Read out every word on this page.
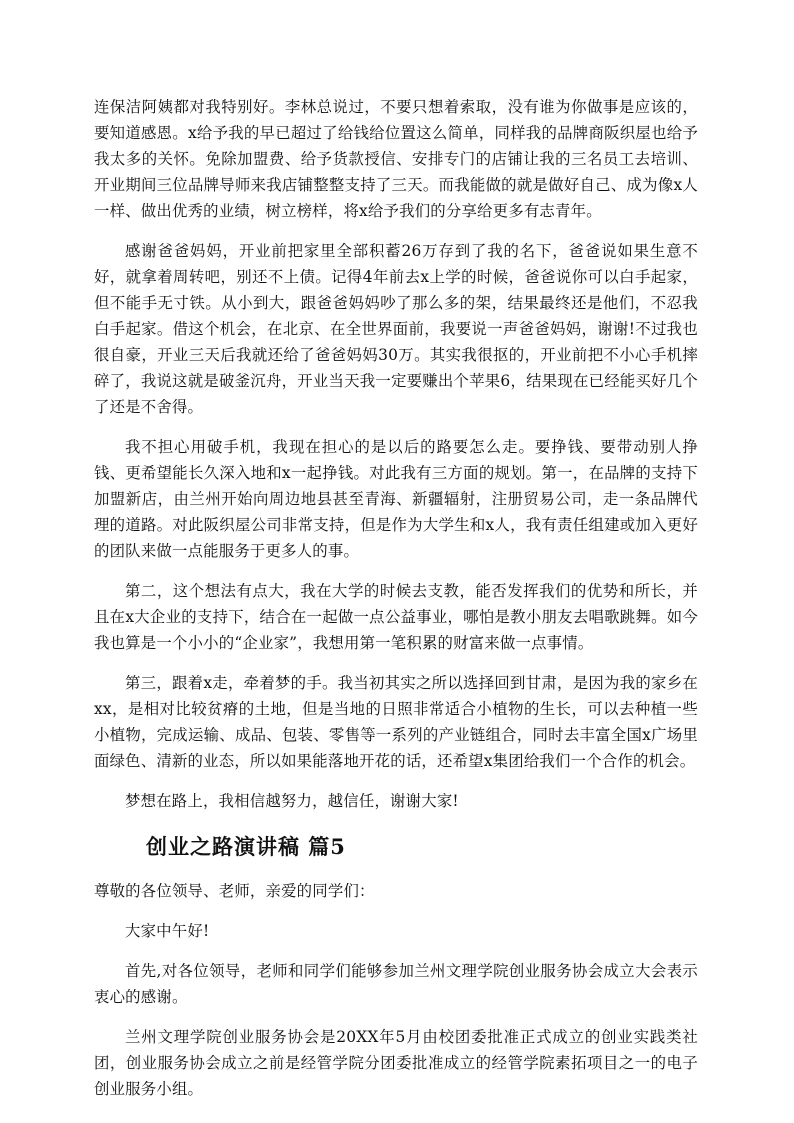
连保洁阿姨都对我特别好。李林总说过，不要只想着索取，没有谁为你做事是应该的，要知道感恩。x给予我的早已超过了给钱给位置这么简单，同样我的品牌商阪织屋也给予我太多的关怀。免除加盟费、给予货款授信、安排专门的店铺让我的三名员工去培训、开业期间三位品牌导师来我店铺整整支持了三天。而我能做的就是做好自己、成为像x人一样、做出优秀的业绩，树立榜样，将x给予我们的分享给更多有志青年。

感谢爸爸妈妈，开业前把家里全部积蓄26万存到了我的名下，爸爸说如果生意不好，就拿着周转吧，别还不上债。记得4年前去x上学的时候，爸爸说你可以白手起家，但不能手无寸铁。从小到大，跟爸爸妈妈吵了那么多的架，结果最终还是他们，不忍我白手起家。借这个机会，在北京、在全世界面前，我要说一声爸爸妈妈，谢谢!不过我也很自豪，开业三天后我就还给了爸爸妈妈30万。其实我很抠的，开业前把不小心手机摔碎了，我说这就是破釜沉舟，开业当天我一定要赚出个苹果6，结果现在已经能买好几个了还是不舍得。

我不担心用破手机，我现在担心的是以后的路要怎么走。要挣钱、要带动别人挣钱、更希望能长久深入地和x一起挣钱。对此我有三方面的规划。第一，在品牌的支持下加盟新店，由兰州开始向周边地县甚至青海、新疆辐射，注册贸易公司，走一条品牌代理的道路。对此阪织屋公司非常支持，但是作为大学生和x人，我有责任组建或加入更好的团队来做一点能服务于更多人的事。

第二，这个想法有点大，我在大学的时候去支教，能否发挥我们的优势和所长，并且在x大企业的支持下，结合在一起做一点公益事业，哪怕是教小朋友去唱歌跳舞。如今我也算是一个小小的“企业家”，我想用第一笔积累的财富来做一点事情。

第三，跟着x走，牵着梦的手。我当初其实之所以选择回到甘肃，是因为我的家乡在xx，是相对比较贫瘠的土地，但是当地的日照非常适合小植物的生长，可以去种植一些小植物，完成运输、成品、包装、零售等一系列的产业链组合，同时去丰富全国x广场里面绿色、清新的业态，所以如果能落地开花的话，还希望x集团给我们一个合作的机会。

梦想在路上，我相信越努力，越信任，谢谢大家!

创业之路演讲稿 篇5

尊敬的各位领导、老师，亲爱的同学们：

大家中午好!

首先,对各位领导，老师和同学们能够参加兰州文理学院创业服务协会成立大会表示衷心的感谢。

兰州文理学院创业服务协会是20XX年5月由校团委批准正式成立的创业实践类社团，创业服务协会成立之前是经管学院分团委批准成立的经管学院素拓项目之一的电子创业服务小组。
